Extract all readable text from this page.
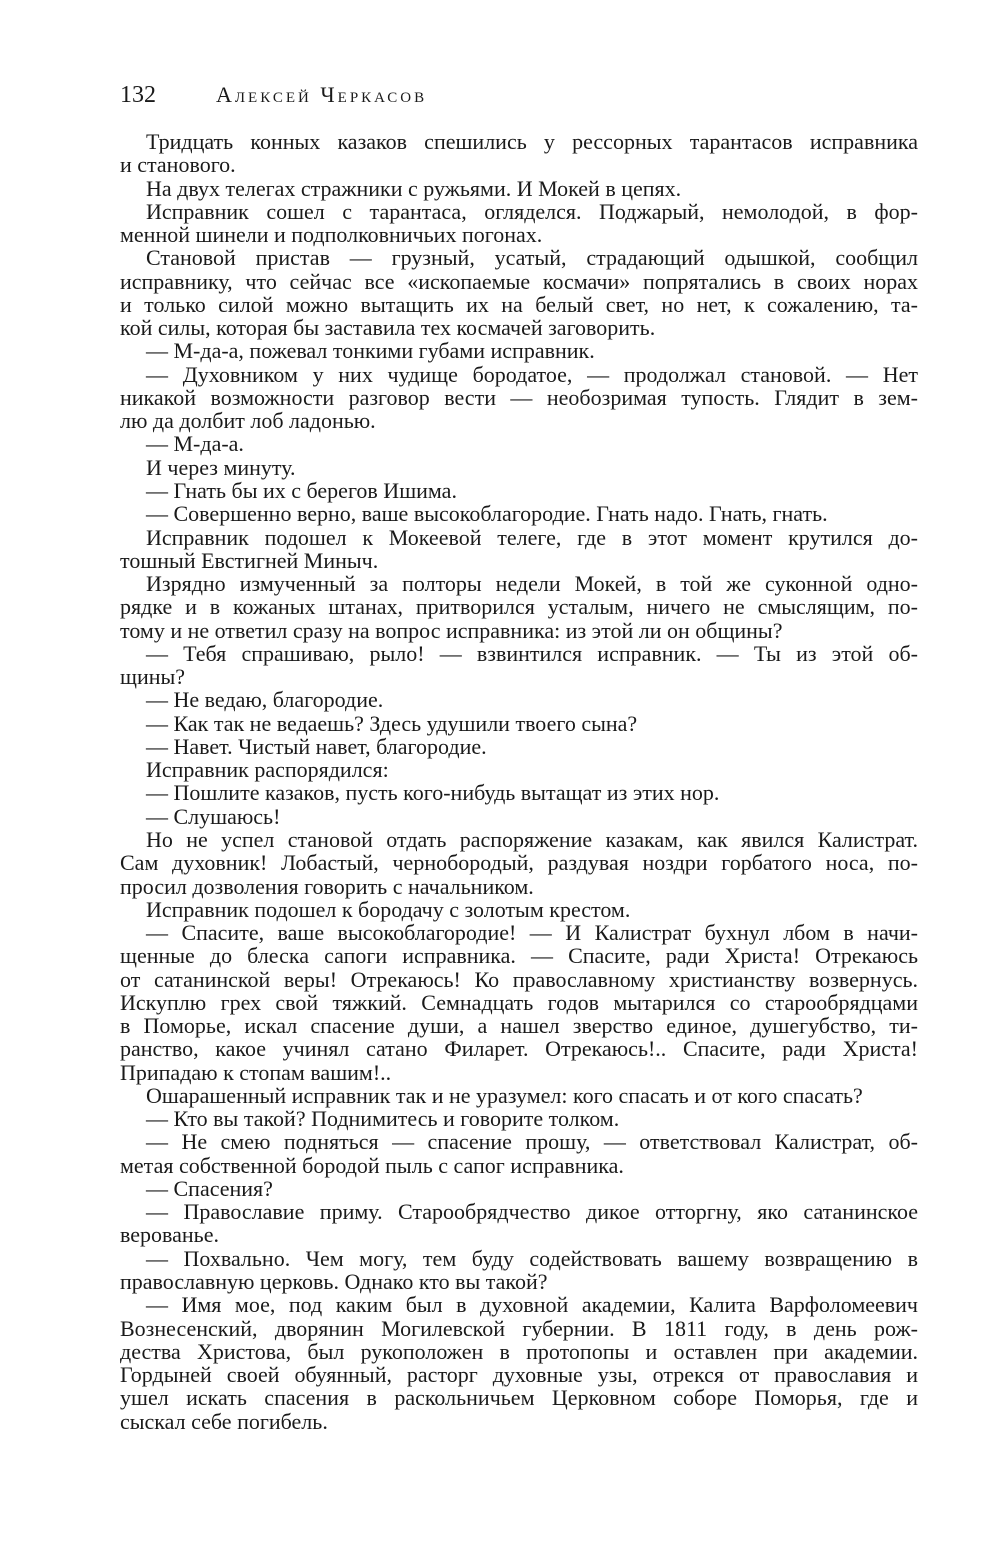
132	Алексей Черкасов
Тридцать конных казаков спешились у рессорных тарантасов исправника
и станового.
На двух телегах стражники с ружьями. И Мокей в цепях.
Исправник сошел с тарантаса, огляделся. Поджарый, немолодой, в фор-
менной шинели и подполковничьих погонах.
Становой пристав — грузный, усатый, страдающий одышкой, сообщил
исправнику, что сейчас все «ископаемые космачи» попрятались в своих норах
и только силой можно вытащить их на белый свет, но нет, к сожалению, та-
кой силы, которая бы заставила тех космачей заговорить.
— М-да-а, пожевал тонкими губами исправник.
— Духовником у них чудище бородатое, — продолжал становой. — Нет
никакой возможности разговор вести — необозримая тупость. Глядит в зем-
лю да долбит лоб ладонью.
— М-да-а.
И через минуту.
— Гнать бы их с берегов Ишима.
— Совершенно верно, ваше высокоблагородие. Гнать надо. Гнать, гнать.
Исправник подошел к Мокеевой телеге, где в этот момент крутился до-
тошный Евстигней Миныч.
Изрядно измученный за полторы недели Мокей, в той же суконной одно-
рядке и в кожаных штанах, притворился усталым, ничего не смыслящим, по-
тому и не ответил сразу на вопрос исправника: из этой ли он общины?
— Тебя спрашиваю, рыло! — взвинтился исправник. — Ты из этой об-
щины?
— Не ведаю, благородие.
— Как так не ведаешь? Здесь удушили твоего сына?
— Навет. Чистый навет, благородие.
Исправник распорядился:
— Пошлите казаков, пусть кого-нибудь вытащат из этих нор.
— Слушаюсь!
Но не успел становой отдать распоряжение казакам, как явился Калистрат.
Сам духовник! Лобастый, чернобородый, раздувая ноздри горбатого носа, по-
просил дозволения говорить с начальником.
Исправник подошел к бородачу с золотым крестом.
— Спасите, ваше высокоблагородие! — И Калистрат бухнул лбом в начи-
щенные до блеска сапоги исправника. — Спасите, ради Христа! Отрекаюсь
от сатанинской веры! Отрекаюсь! Ко православному христианству возвернусь.
Искуплю грех свой тяжкий. Семнадцать годов мытарился со старообрядцами
в Поморье, искал спасение души, а нашел зверство единое, душегубство, ти-
ранство, какое учинял сатано Филарет. Отрекаюсь!.. Спасите, ради Христа!
Припадаю к стопам вашим!..
Ошарашенный исправник так и не уразумел: кого спасать и от кого спасать?
— Кто вы такой? Поднимитесь и говорите толком.
— Не смею подняться — спасение прошу, — ответствовал Калистрат, об-
метая собственной бородой пыль с сапог исправника.
— Спасения?
— Православие приму. Старообрядчество дикое отторгну, яко сатанинское
верованье.
— Похвально. Чем могу, тем буду содействовать вашему возвращению в
православную церковь. Однако кто вы такой?
— Имя мое, под каким был в духовной академии, Калита Варфоломеевич
Вознесенский, дворянин Могилевской губернии. В 1811 году, в день рож-
дества Христова, был рукоположен в протопопы и оставлен при академии.
Гордыней своей обуянный, расторг духовные узы, отрекся от православия и
ушел искать спасения в раскольничьем Церковном соборе Поморья, где и
сыскал себе погибель.
